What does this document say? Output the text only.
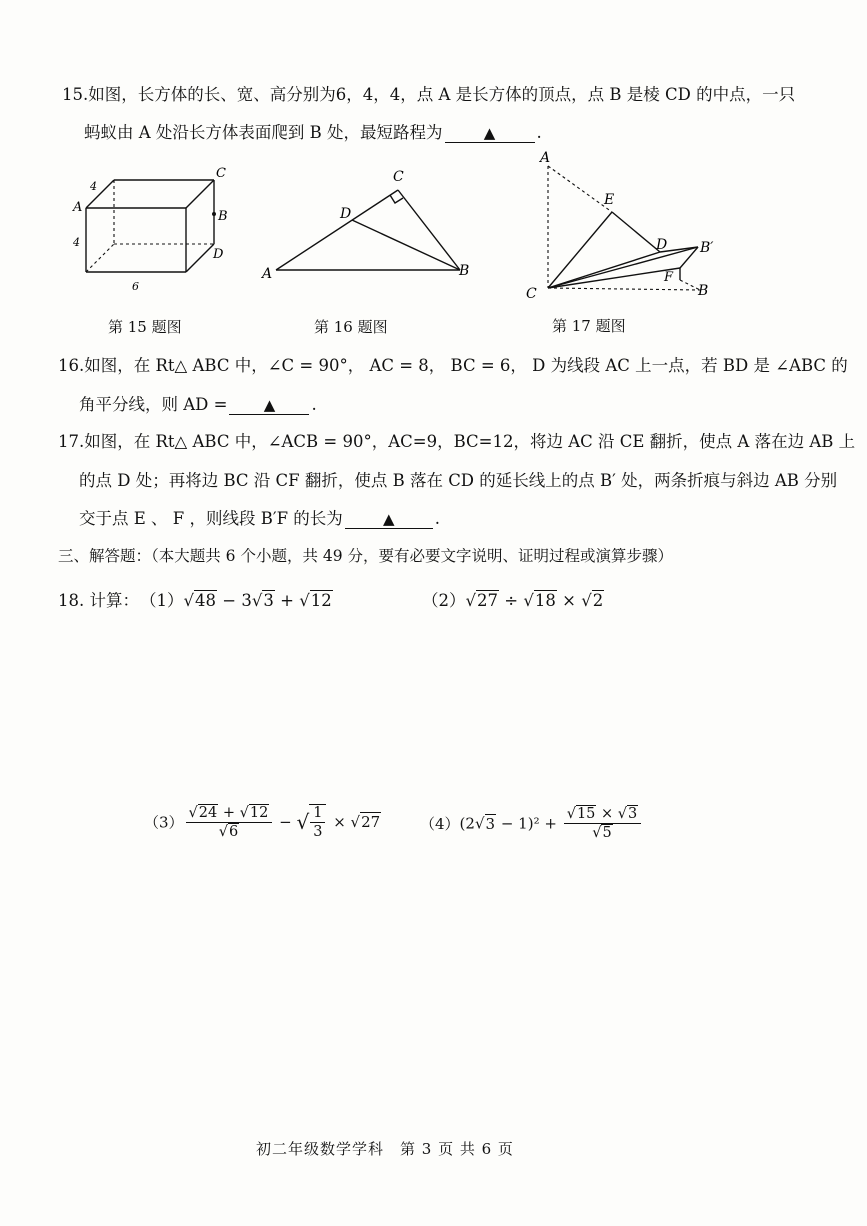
15.如图，长方体的长、宽、高分别为6，4，4，点 A 是长方体的顶点，点 B 是棱 CD 的中点，一只
蚂蚁由 A 处沿长方体表面爬到 B 处，最短路程为	▲ .
A
C
B
D
4
4
6
A	B
C
D
A
E
D B′
F
B
C
第 15 题图	第 16 题图	第 17 题图
16.如图，在 Rt△ ABC 中，∠C = 90°， AC = 8， BC = 6， D 为线段 AC 上一点，若 BD 是 ∠ABC 的
角平分线，则 AD = ▲ .
17.如图，在 Rt△ ABC 中，∠ACB = 90°，AC=9，BC=12，将边 AC 沿 CE 翻折，使点 A 落在边 AB 上
的点 D 处；再将边 BC 沿 CF 翻折，使点 B 落在 CD 的延长线上的点 B′ 处，两条折痕与斜边 AB 分别
交于点 E 、 F ，则线段 B′F 的长为	▲ .
三、解答题：（本大题共 6 个小题，共 49 分，要有必要文字说明、证明过程或演算步骤）
18. 计算： （1）√48 − 3√3 + √12	（2）√27 ÷ √18 × √2
$(3) \frac{√24 + √12}{√6}$ − √ $\frac{1}{3} \times √27$	$(4)(2√3 - 1)^2 + \frac{√15 \times √3}{√5}$
初二年级数学学科　第 3 页 共 6 页
